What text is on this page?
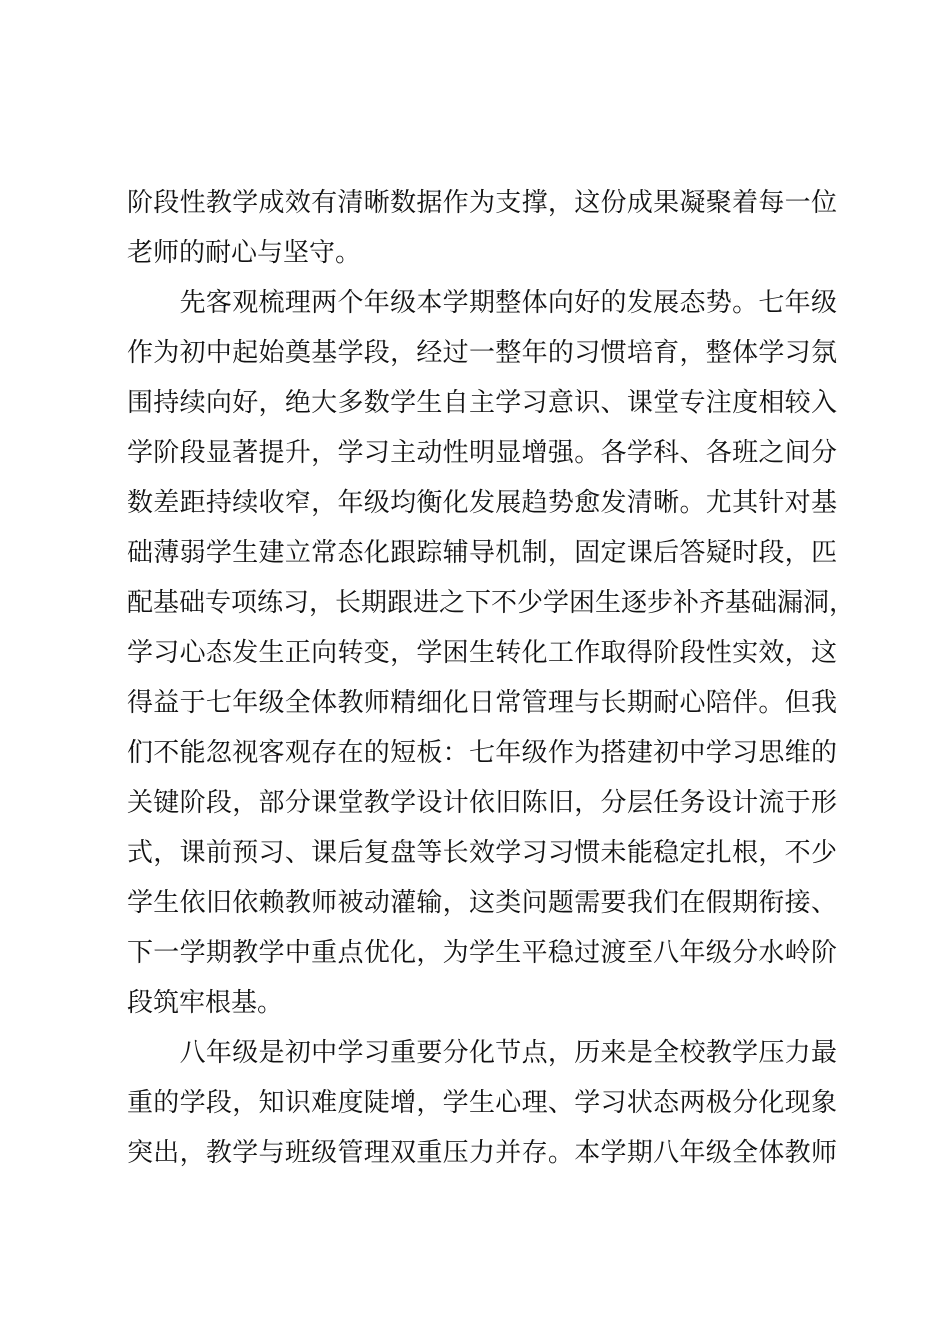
阶段性教学成效有清晰数据作为支撑，这份成果凝聚着每一位
老师的耐心与坚守。
　　先客观梳理两个年级本学期整体向好的发展态势。七年级
作为初中起始奠基学段，经过一整年的习惯培育，整体学习氛
围持续向好，绝大多数学生自主学习意识、课堂专注度相较入
学阶段显著提升，学习主动性明显增强。各学科、各班之间分
数差距持续收窄，年级均衡化发展趋势愈发清晰。尤其针对基
础薄弱学生建立常态化跟踪辅导机制，固定课后答疑时段，匹
配基础专项练习，长期跟进之下不少学困生逐步补齐基础漏洞，
学习心态发生正向转变，学困生转化工作取得阶段性实效，这
得益于七年级全体教师精细化日常管理与长期耐心陪伴。但我
们不能忽视客观存在的短板：七年级作为搭建初中学习思维的
关键阶段，部分课堂教学设计依旧陈旧，分层任务设计流于形
式，课前预习、课后复盘等长效学习习惯未能稳定扎根，不少
学生依旧依赖教师被动灌输，这类问题需要我们在假期衔接、
下一学期教学中重点优化，为学生平稳过渡至八年级分水岭阶
段筑牢根基。
　　八年级是初中学习重要分化节点，历来是全校教学压力最
重的学段，知识难度陡增，学生心理、学习状态两极分化现象
突出，教学与班级管理双重压力并存。本学期八年级全体教师
